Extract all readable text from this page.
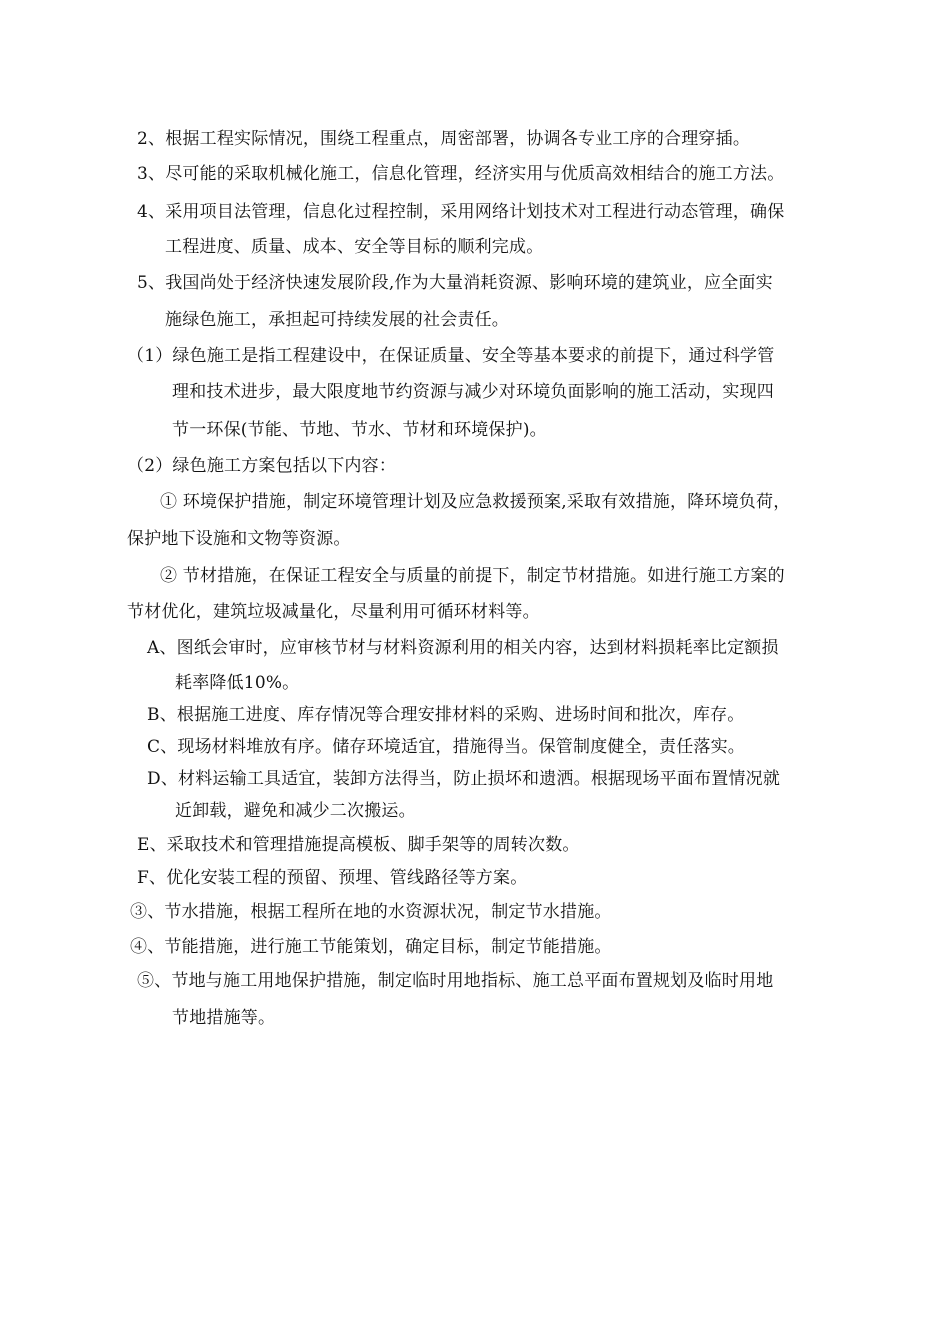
2、根据工程实际情况，围绕工程重点，周密部署，协调各专业工序的合理穿插。
3、尽可能的采取机械化施工，信息化管理，经济实用与优质高效相结合的施工方法。
4、采用项目法管理，信息化过程控制，采用网络计划技术对工程进行动态管理，确保
工程进度、质量、成本、安全等目标的顺利完成。
5、我国尚处于经济快速发展阶段,作为大量消耗资源、影响环境的建筑业，应全面实
施绿色施工，承担起可持续发展的社会责任。
（1）绿色施工是指工程建设中，在保证质量、安全等基本要求的前提下，通过科学管
理和技术进步，最大限度地节约资源与减少对环境负面影响的施工活动，实现四
节一环保(节能、节地、节水、节材和环境保护)。
（2）绿色施工方案包括以下内容：
① 环境保护措施，制定环境管理计划及应急救援预案,采取有效措施，降环境负荷，
保护地下设施和文物等资源。
② 节材措施，在保证工程安全与质量的前提下，制定节材措施。如进行施工方案的
节材优化，建筑垃圾减量化，尽量利用可循环材料等。
A、图纸会审时，应审核节材与材料资源利用的相关内容，达到材料损耗率比定额损
耗率降低10%。
B、根据施工进度、库存情况等合理安排材料的采购、进场时间和批次，库存。
C、现场材料堆放有序。储存环境适宜，措施得当。保管制度健全，责任落实。
D、材料运输工具适宜，装卸方法得当，防止损坏和遗洒。根据现场平面布置情况就
近卸载，避免和减少二次搬运。
E、采取技术和管理措施提高模板、脚手架等的周转次数。
F、优化安装工程的预留、预埋、管线路径等方案。
③、节水措施，根据工程所在地的水资源状况，制定节水措施。
④、节能措施，进行施工节能策划，确定目标，制定节能措施。
⑤、节地与施工用地保护措施，制定临时用地指标、施工总平面布置规划及临时用地
节地措施等。
